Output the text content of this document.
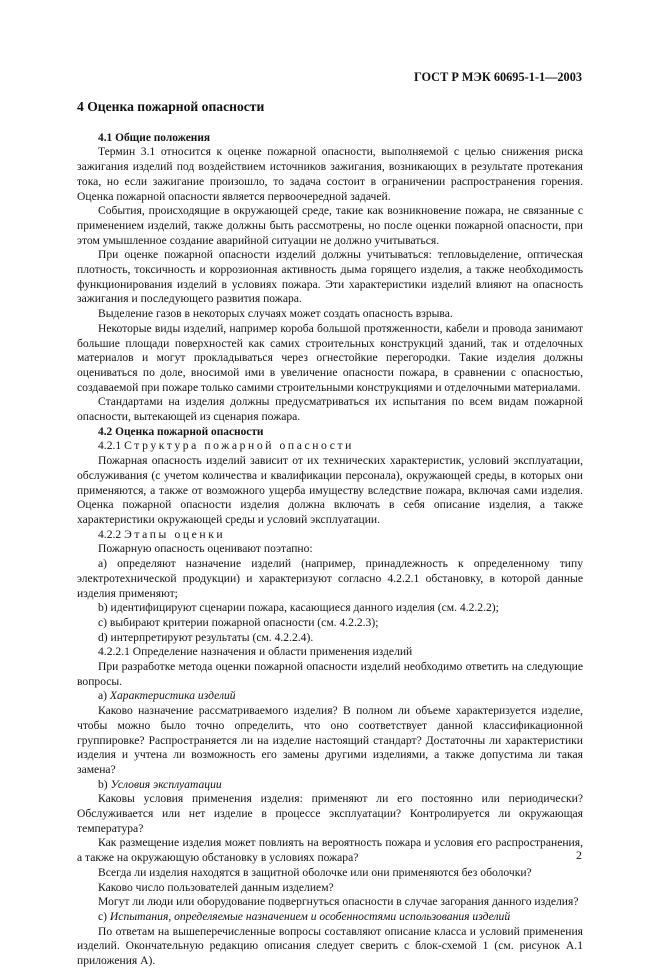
ГОСТ Р МЭК 60695-1-1—2003

4 Оценка пожарной опасности

4.1 Общие положения

Термин 3.1 относится к оценке пожарной опасности, выполняемой с целью снижения риска зажигания изделий под воздействием источников зажигания, возникающих в результате протекания тока, но если зажигание произошло, то задача состоит в ограничении распространения горения. Оценка пожарной опасности является первоочередной задачей.

События, происходящие в окружающей среде, такие как возникновение пожара, не связанные с применением изделий, также должны быть рассмотрены, но после оценки пожарной опасности, при этом умышленное создание аварийной ситуации не должно учитываться.

При оценке пожарной опасности изделий должны учитываться: тепловыделение, оптическая плотность, токсичность и коррозионная активность дыма горящего изделия, а также необходимость функционирования изделий в условиях пожара. Эти характеристики изделий влияют на опасность зажигания и последующего развития пожара.

Выделение газов в некоторых случаях может создать опасность взрыва.

Некоторые виды изделий, например короба большой протяженности, кабели и провода занимают большие площади поверхностей как самих строительных конструкций зданий, так и отделочных материалов и могут прокладываться через огнестойкие перегородки. Такие изделия должны оцениваться по доле, вносимой ими в увеличение опасности пожара, в сравнении с опасностью, создаваемой при пожаре только самими строительными конструкциями и отделочными материалами.

Стандартами на изделия должны предусматриваться их испытания по всем видам пожарной опасности, вытекающей из сценария пожара.

4.2 Оценка пожарной опасности

4.2.1 Структура пожарной опасности

Пожарная опасность изделий зависит от их технических характеристик, условий эксплуатации, обслуживания (с учетом количества и квалификации персонала), окружающей среды, в которых они применяются, а также от возможного ущерба имуществу вследствие пожара, включая сами изделия. Оценка пожарной опасности изделия должна включать в себя описание изделия, а также характеристики окружающей среды и условий эксплуатации.

4.2.2 Этапы оценки

Пожарную опасность оценивают поэтапно:

a) определяют назначение изделий (например, принадлежность к определенному типу электротехнической продукции) и характеризуют согласно 4.2.2.1 обстановку, в которой данные изделия применяют;

b) идентифицируют сценарии пожара, касающиеся данного изделия (см. 4.2.2.2);

c) выбирают критерии пожарной опасности (см. 4.2.2.3);

d) интерпретируют результаты (см. 4.2.2.4).

4.2.2.1 Определение назначения и области применения изделий

При разработке метода оценки пожарной опасности изделий необходимо ответить на следующие вопросы.

a) Характеристика изделий

Каково назначение рассматриваемого изделия? В полном ли объеме характеризуется изделие, чтобы можно было точно определить, что оно соответствует данной классификационной группировке? Распространяется ли на изделие настоящий стандарт? Достаточны ли характеристики изделия и учтена ли возможность его замены другими изделиями, а также допустима ли такая замена?

b) Условия эксплуатации

Каковы условия применения изделия: применяют ли его постоянно или периодически? Обслуживается или нет изделие в процессе эксплуатации? Контролируется ли окружающая температура?

Как размещение изделия может повлиять на вероятность пожара и условия его распространения, а также на окружающую обстановку в условиях пожара?

Всегда ли изделия находятся в защитной оболочке или они применяются без оболочки?

Каково число пользователей данным изделием?

Могут ли люди или оборудование подвергнуться опасности в случае загорания данного изделия?

c) Испытания, определяемые назначением и особенностями использования изделий

По ответам на вышеперечисленные вопросы составляют описание класса и условий применения изделий. Окончательную редакцию описания следует сверить с блок-схемой 1 (см. рисунок А.1 приложения А).

2
